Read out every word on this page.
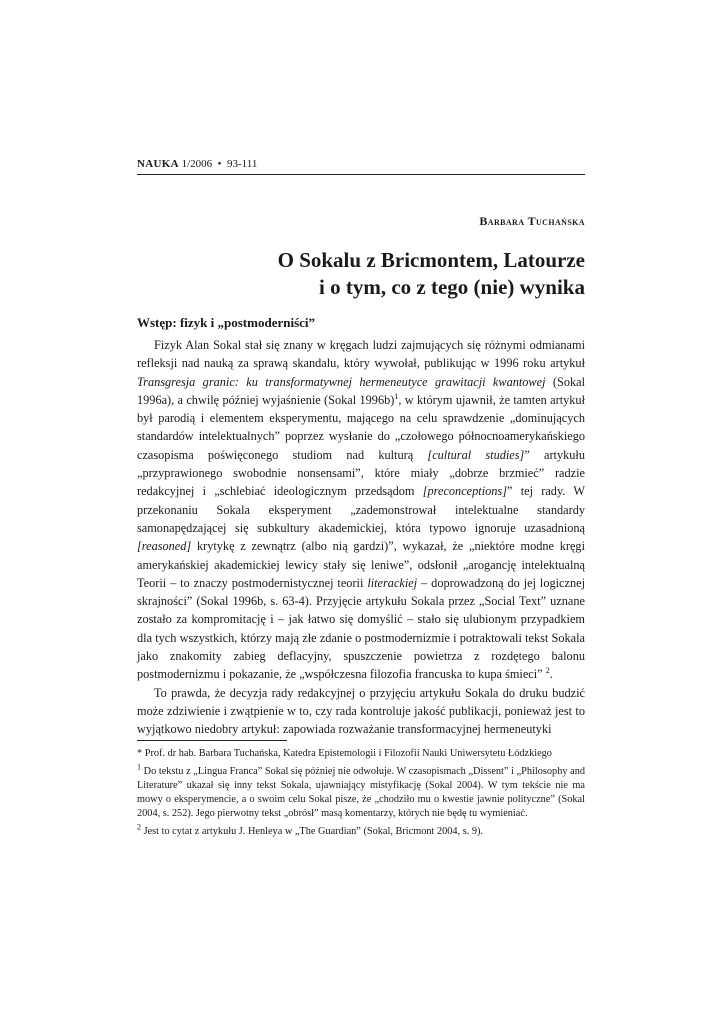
NAUKA 1/2006 • 93-111
Barbara Tuchańska
O Sokalu z Bricmontem, Latourze
i o tym, co z tego (nie) wynika
Wstęp: fizyk i „postmoderniści”

Fizyk Alan Sokal stał się znany w kręgach ludzi zajmujących się różnymi odmianami refleksji nad nauką za sprawą skandalu, który wywołał, publikując w 1996 roku artykuł Transgresja granic: ku transformatywnej hermeneutyce grawitacji kwantowej (Sokal 1996a), a chwilę później wyjaśnienie (Sokal 1996b)$^1$, w którym ujawnił, że tamten artykuł był parodią i elementem eksperymentu, mającego na celu sprawdzenie „dominujących standardów intelektualnych” poprzez wysłanie do „czołowego północnoamerykańskiego czasopisma poświęconego studiom nad kulturą [cultural studies]” artykułu „przyprawionego swobodnie nonsensami”, które miały „dobrze brzmieć” radzie redakcyjnej i „schlebiać ideologicznym przedsądom [preconceptions]” tej rady. W przekonaniu Sokala eksperyment „zademonstrował intelektualne standardy samonapędzającej się subkultury akademickiej, która typowo ignoruje uzasadnioną [reasoned] krytykę z zewnątrz (albo nią gardzi)”, wykazał, że „niektóre modne kręgi amerykańskiej akademickiej lewicy stały się leniwe”, odsłonił „arogancję intelektualną Teorii – to znaczy postmodernistycznej teorii literackiej – doprowadzoną do jej logicznej skrajności” (Sokal 1996b, s. 63-4). Przyjęcie artykułu Sokala przez „Social Text” uznane zostało za kompromitację i – jak łatwo się domyślić – stało się ulubionym przypadkiem dla tych wszystkich, którzy mają złe zdanie o postmodernizmie i potraktowali tekst Sokala jako znakomity zabieg deflacyjny, spuszczenie powietrza z rozdętego balonu postmodernizmu i pokazanie, że „współczesna filozofia francuska to kupa śmieci” $^2$.

To prawda, że decyzja rady redakcyjnej o przyjęciu artykułu Sokala do druku budzić może zdziwienie i zwątpienie w to, czy rada kontroluje jakość publikacji, ponieważ jest to wyjątkowo niedobry artykuł: zapowiada rozważanie transformacyjnej hermeneutyki

* Prof. dr hab. Barbara Tuchańska, Katedra Epistemologii i Filozofii Nauki Uniwersytetu Łódzkiego

$^1$ Do tekstu z „Lingua Franca” Sokal się później nie odwołuje. W czasopismach „Dissent” i „Philosophy and Literature” ukazał się inny tekst Sokala, ujawniający mistyfikację (Sokal 2004). W tym tekście nie ma mowy o eksperymencie, a o swoim celu Sokal pisze, że „chodziło mu o kwestie jawnie polityczne” (Sokal 2004, s. 252). Jego pierwotny tekst „obrósł” masą komentarzy, których nie będę tu wymieniać.

$^2$ Jest to cytat z artykułu J. Henleya w „The Guardian” (Sokal, Bricmont 2004, s. 9).
